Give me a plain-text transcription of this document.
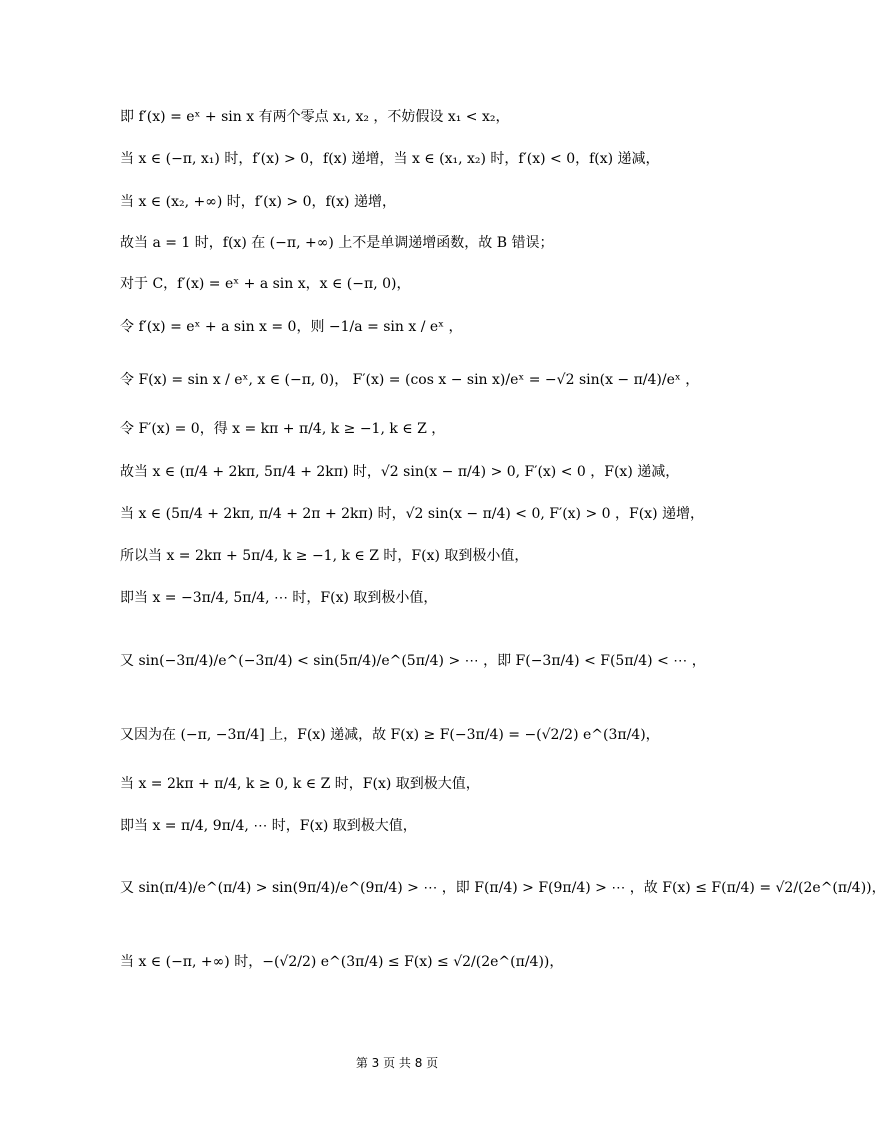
即 f′(x) = eˣ + sin x 有两个零点 x₁, x₂ ，不妨假设 x₁ < x₂，
当 x ∈ (−π, x₁) 时，f′(x) > 0，f(x) 递增，当 x ∈ (x₁, x₂) 时，f′(x) < 0，f(x) 递减，
当 x ∈ (x₂, +∞) 时，f′(x) > 0，f(x) 递增，
故当 a = 1 时，f(x) 在 (−π, +∞) 上不是单调递增函数，故 B 错误；
对于 C，f′(x) = eˣ + a sin x，x ∈ (−π, 0)，
令 f′(x) = eˣ + a sin x = 0，则 −1/a = sin x / eˣ ，
令 F(x) = sin x / eˣ, x ∈ (−π, 0)， F′(x) = (cos x − sin x)/eˣ = −√2 sin(x − π/4)/eˣ ，
令 F′(x) = 0，得 x = kπ + π/4, k ≥ −1, k ∈ Z ，
故当 x ∈ (π/4 + 2kπ, 5π/4 + 2kπ) 时，√2 sin(x − π/4) > 0, F′(x) < 0 ，F(x) 递减，
当 x ∈ (5π/4 + 2kπ, π/4 + 2π + 2kπ) 时，√2 sin(x − π/4) < 0, F′(x) > 0 ，F(x) 递增，
所以当 x = 2kπ + 5π/4, k ≥ −1, k ∈ Z 时，F(x) 取到极小值，
即当 x = −3π/4, 5π/4, ⋯ 时，F(x) 取到极小值，
又 sin(−3π/4)/e^(−3π/4) < sin(5π/4)/e^(5π/4) > ⋯ ，即 F(−3π/4) < F(5π/4) < ⋯ ，
又因为在 (−π, −3π/4] 上，F(x) 递减，故 F(x) ≥ F(−3π/4) = −(√2/2) e^(3π/4)，
当 x = 2kπ + π/4, k ≥ 0, k ∈ Z 时，F(x) 取到极大值，
即当 x = π/4, 9π/4, ⋯ 时，F(x) 取到极大值，
又 sin(π/4)/e^(π/4) > sin(9π/4)/e^(9π/4) > ⋯ ，即 F(π/4) > F(9π/4) > ⋯ ，故 F(x) ≤ F(π/4) = √2/(2e^(π/4))，
当 x ∈ (−π, +∞) 时，−(√2/2) e^(3π/4) ≤ F(x) ≤ √2/(2e^(π/4))，
第 3 页 共 8 页
